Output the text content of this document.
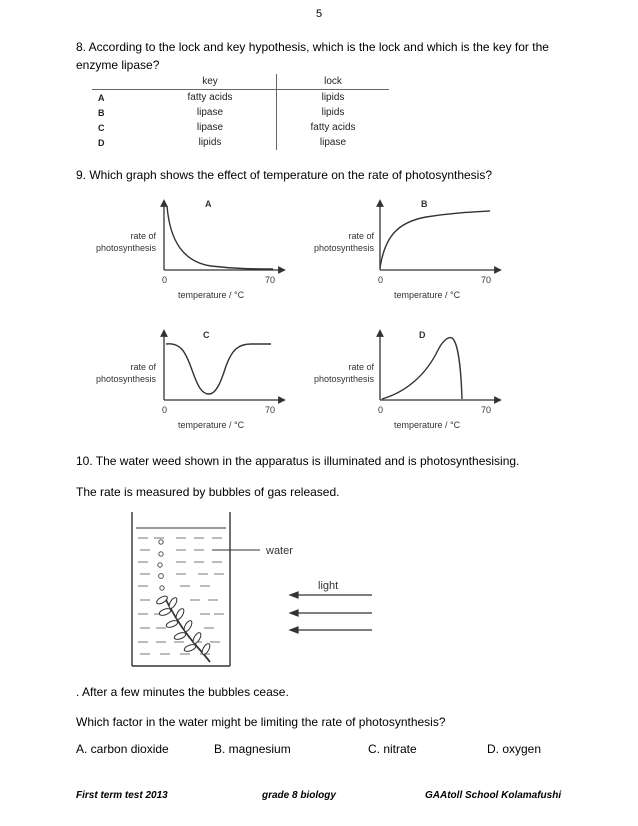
5
8. According to the lock and key hypothesis, which is the lock and which is the key for the enzyme lipase?
	key	lock
A	fatty acids	lipids
B	lipase	lipids
C	lipase	fatty acids
D	lipids	lipase
9. Which graph shows the effect of temperature on the rate of photosynthesis?
A
rate of
photosynthesis
0	70
temperature / °C
B
rate of
photosynthesis
0	70
temperature / °C
C
rate of
photosynthesis
0	70
temperature / °C
D
rate of
photosynthesis
0	70
temperature / °C
10. The water weed shown in the apparatus is illuminated and is photosynthesising.
The rate is measured by bubbles of gas released.
water
light
. After a few minutes the bubbles cease.
Which factor in the water might be limiting the rate of photosynthesis?
A. carbon dioxide	B. magnesium	C. nitrate	D. oxygen
First term test 2013	grade 8 biology	GAAtoll School Kolamafushi
